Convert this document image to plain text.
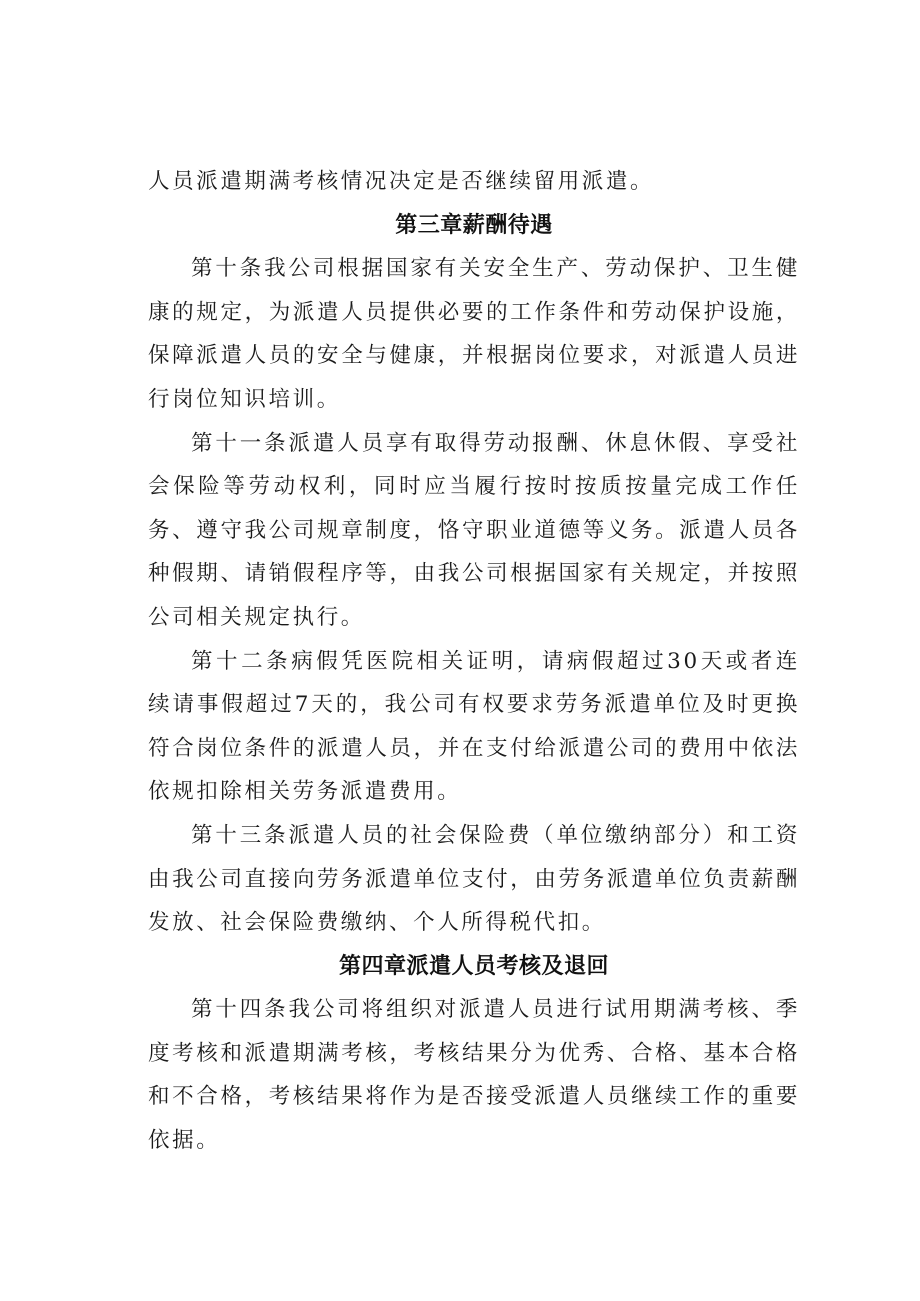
人员派遣期满考核情况决定是否继续留用派遣。
第三章薪酬待遇

第十条我公司根据国家有关安全生产、劳动保护、卫生健康的规定，为派遣人员提供必要的工作条件和劳动保护设施，保障派遣人员的安全与健康，并根据岗位要求，对派遣人员进行岗位知识培训。

第十一条派遣人员享有取得劳动报酬、休息休假、享受社会保险等劳动权利，同时应当履行按时按质按量完成工作任务、遵守我公司规章制度，恪守职业道德等义务。派遣人员各种假期、请销假程序等，由我公司根据国家有关规定，并按照公司相关规定执行。

第十二条病假凭医院相关证明，请病假超过30天或者连续请事假超过7天的，我公司有权要求劳务派遣单位及时更换符合岗位条件的派遣人员，并在支付给派遣公司的费用中依法依规扣除相关劳务派遣费用。

第十三条派遣人员的社会保险费（单位缴纳部分）和工资由我公司直接向劳务派遣单位支付，由劳务派遣单位负责薪酬发放、社会保险费缴纳、个人所得税代扣。

第四章派遣人员考核及退回

第十四条我公司将组织对派遣人员进行试用期满考核、季度考核和派遣期满考核，考核结果分为优秀、合格、基本合格和不合格，考核结果将作为是否接受派遣人员继续工作的重要依据。
